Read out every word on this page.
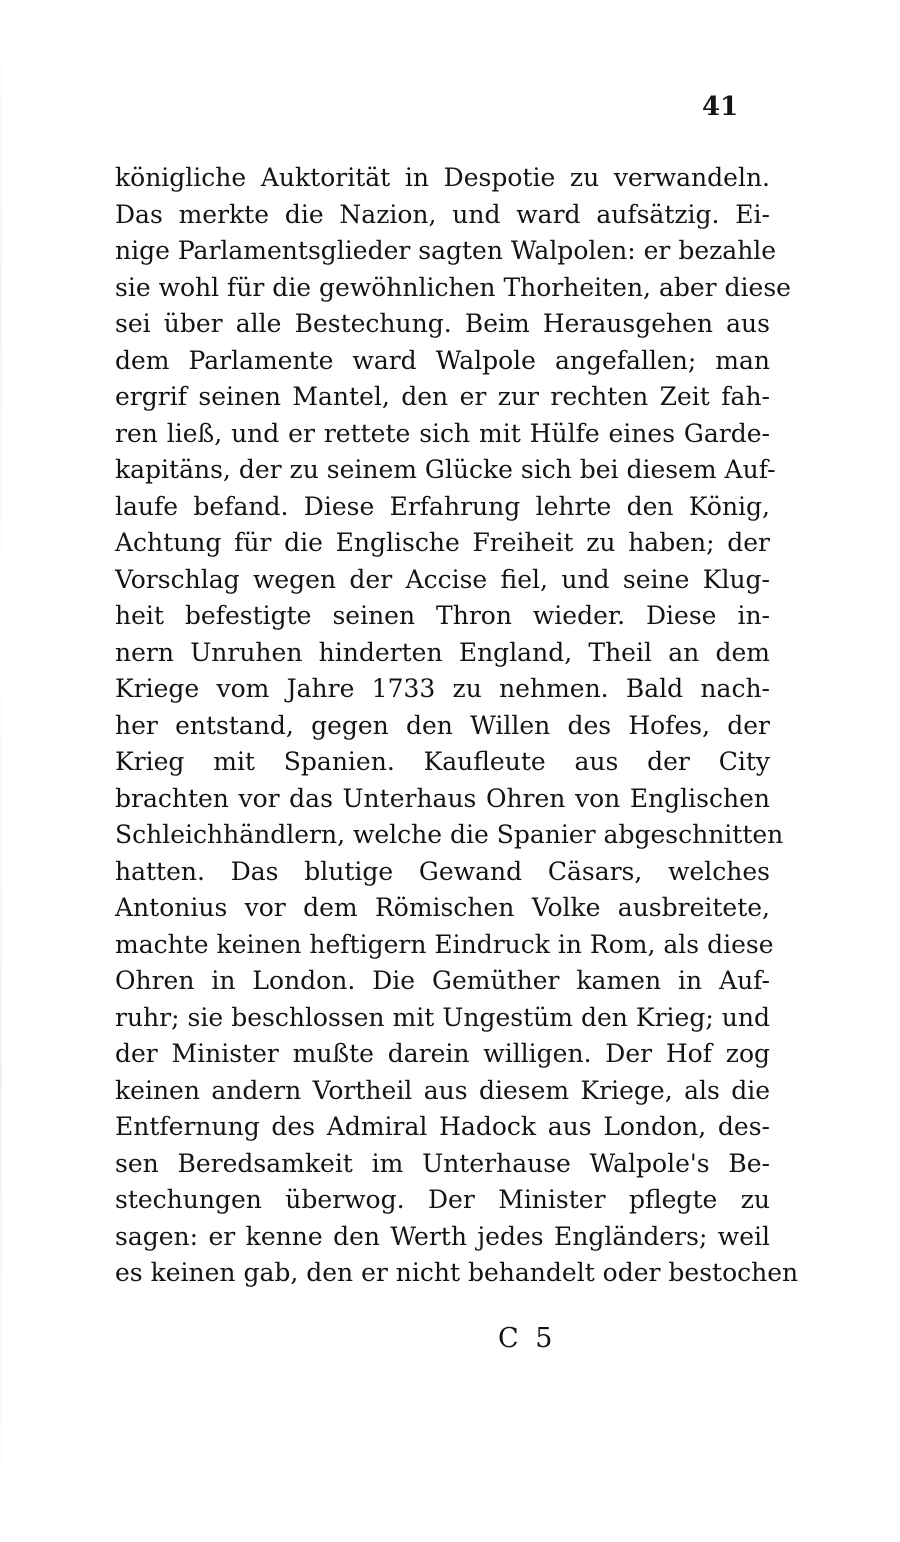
41
königliche Auktorität in Despotie zu verwandeln.
Das merkte die Nazion, und ward aufsätzig. Ei-
nige Parlamentsglieder sagten Walpolen: er bezahle
sie wohl für die gewöhnlichen Thorheiten, aber diese
sei über alle Bestechung. Beim Herausgehen aus
dem Parlamente ward Walpole angefallen; man
ergrif seinen Mantel, den er zur rechten Zeit fah-
ren ließ, und er rettete sich mit Hülfe eines Garde-
kapitäns, der zu seinem Glücke sich bei diesem Auf-
laufe befand. Diese Erfahrung lehrte den König,
Achtung für die Englische Freiheit zu haben; der
Vorschlag wegen der Accise fiel, und seine Klug-
heit befestigte seinen Thron wieder. Diese in-
nern Unruhen hinderten England, Theil an dem
Kriege vom Jahre 1733 zu nehmen. Bald nach-
her entstand, gegen den Willen des Hofes, der
Krieg mit Spanien. Kaufleute aus der City
brachten vor das Unterhaus Ohren von Englischen
Schleichhändlern, welche die Spanier abgeschnitten
hatten. Das blutige Gewand Cäsars, welches
Antonius vor dem Römischen Volke ausbreitete,
machte keinen heftigern Eindruck in Rom, als diese
Ohren in London. Die Gemüther kamen in Auf-
ruhr; sie beschlossen mit Ungestüm den Krieg; und
der Minister mußte darein willigen. Der Hof zog
keinen andern Vortheil aus diesem Kriege, als die
Entfernung des Admiral Hadock aus London, des-
sen Beredsamkeit im Unterhause Walpole's Be-
stechungen überwog. Der Minister pflegte zu
sagen: er kenne den Werth jedes Engländers; weil
es keinen gab, den er nicht behandelt oder bestochen
C 5
